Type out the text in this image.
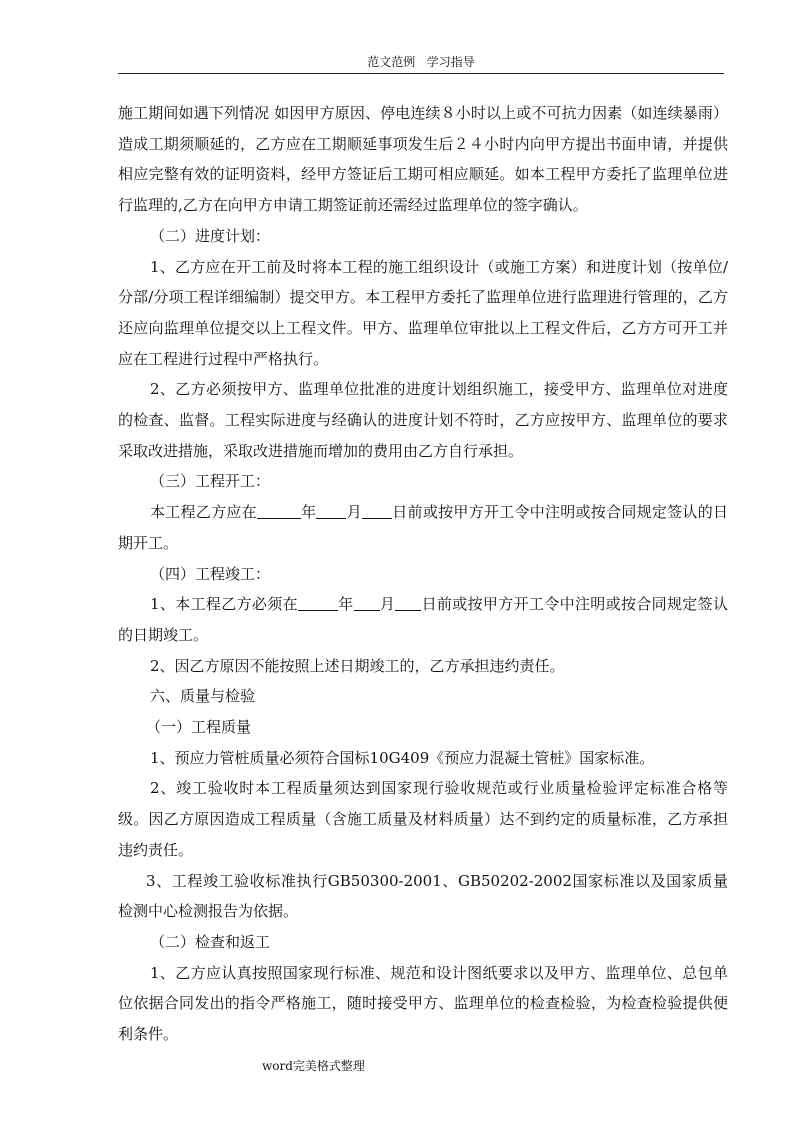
范文范例   学习指导

施工期间如遇下列情况 如因甲方原因、停电连续８小时以上或不可抗力因素（如连续暴雨）造成工期须顺延的，乙方应在工期顺延事项发生后２４小时内向甲方提出书面申请，并提供相应完整有效的证明资料，经甲方签证后工期可相应顺延。如本工程甲方委托了监理单位进行监理的,乙方在向甲方申请工期签证前还需经过监理单位的签字确认。

（二）进度计划：

1、乙方应在开工前及时将本工程的施工组织设计（或施工方案）和进度计划（按单位/分部/分项工程详细编制）提交甲方。本工程甲方委托了监理单位进行监理进行管理的，乙方还应向监理单位提交以上工程文件。甲方、监理单位审批以上工程文件后，乙方方可开工并应在工程进行过程中严格执行。

2、乙方必须按甲方、监理单位批准的进度计划组织施工，接受甲方、监理单位对进度的检查、监督。工程实际进度与经确认的进度计划不符时，乙方应按甲方、监理单位的要求采取改进措施，采取改进措施而增加的费用由乙方自行承担。

（三）工程开工：

本工程乙方应在	年 月 日前或按甲方开工令中注明或按合同规定签认的日期开工。

（四）工程竣工：

1、本工程乙方必须在	年 月 日前或按甲方开工令中注明或按合同规定签认的日期竣工。

2、因乙方原因不能按照上述日期竣工的，乙方承担违约责任。

六、质量与检验

（一）工程质量

1、预应力管桩质量必须符合国标10G409《预应力混凝土管桩》国家标准。

2、竣工验收时本工程质量须达到国家现行验收规范或行业质量检验评定标准合格等级。因乙方原因造成工程质量（含施工质量及材料质量）达不到约定的质量标准，乙方承担违约责任。

3、工程竣工验收标准执行GB50300-2001、GB50202-2002国家标准以及国家质量检测中心检测报告为依据。

（二）检查和返工

1、乙方应认真按照国家现行标准、规范和设计图纸要求以及甲方、监理单位、总包单位依据合同发出的指令严格施工，随时接受甲方、监理单位的检查检验，为检查检验提供便利条件。

word完美格式整理
